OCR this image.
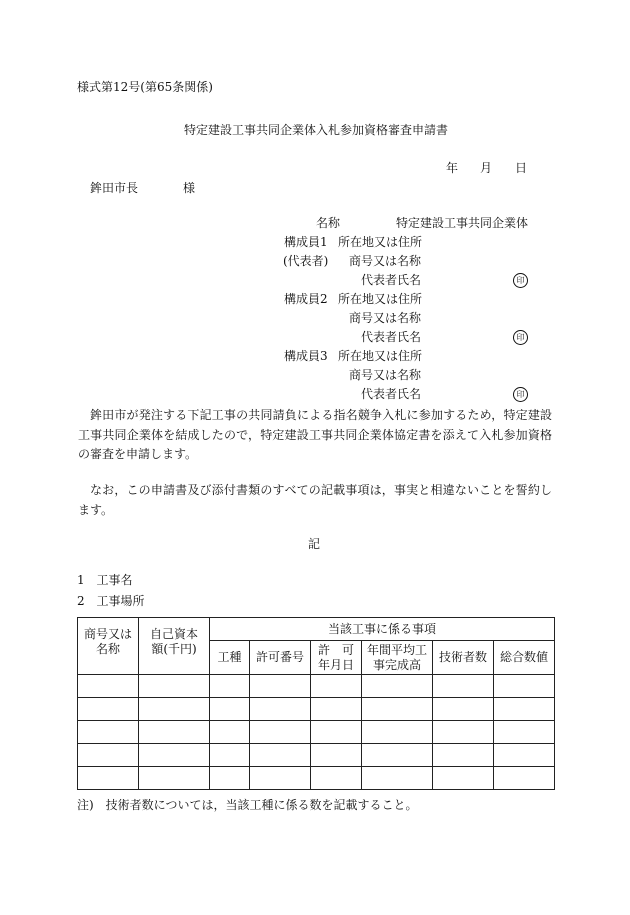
様式第12号(第65条関係)
特定建設工事共同企業体入札参加資格審査申請書
年 月 日
鉾田市長	様
名称	特定建設工事共同企業体
構成員1 所在地又は住所
(代表者) 商号又は名称
代表者氏名	印
構成員2 所在地又は住所
商号又は名称
代表者氏名	印
構成員3 所在地又は住所
商号又は名称
代表者氏名	印

鉾田市が発注する下記工事の共同請負による指名競争入札に参加するため，特定建設工事共同企業体を結成したので，特定建設工事共同企業体協定書を添えて入札参加資格の審査を申請します。

なお，この申請書及び添付書類のすべての記載事項は，事実と相違ないことを誓約します。

記
1 工事名
2 工事場所
商号又は名称	自己資本額(千円)	当該工事に係る事項					
		工種	許可番号	許　可年月日	年間平均工事完成高	技術者数	総合数値

注)　技術者数については，当該工種に係る数を記載すること。
